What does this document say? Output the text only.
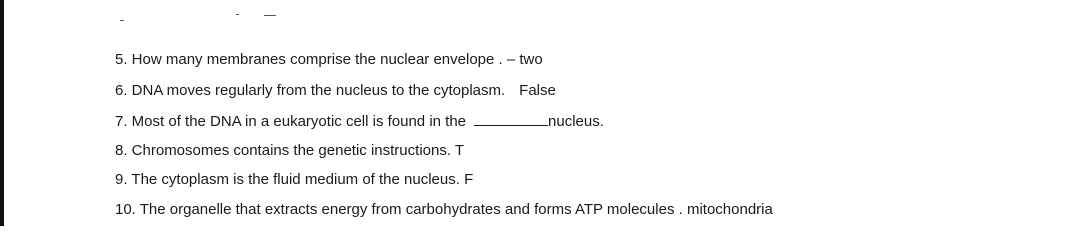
5. How many membranes comprise the nuclear envelope . – two
6. DNA moves regularly from the nucleus to the cytoplasm. False
7. Most of the DNA in a eukaryotic cell is found in the	nucleus.
8. Chromosomes contains the genetic instructions. T
9. The cytoplasm is the fluid medium of the nucleus. F
10. The organelle that extracts energy from carbohydrates and forms ATP molecules . mitochondria
